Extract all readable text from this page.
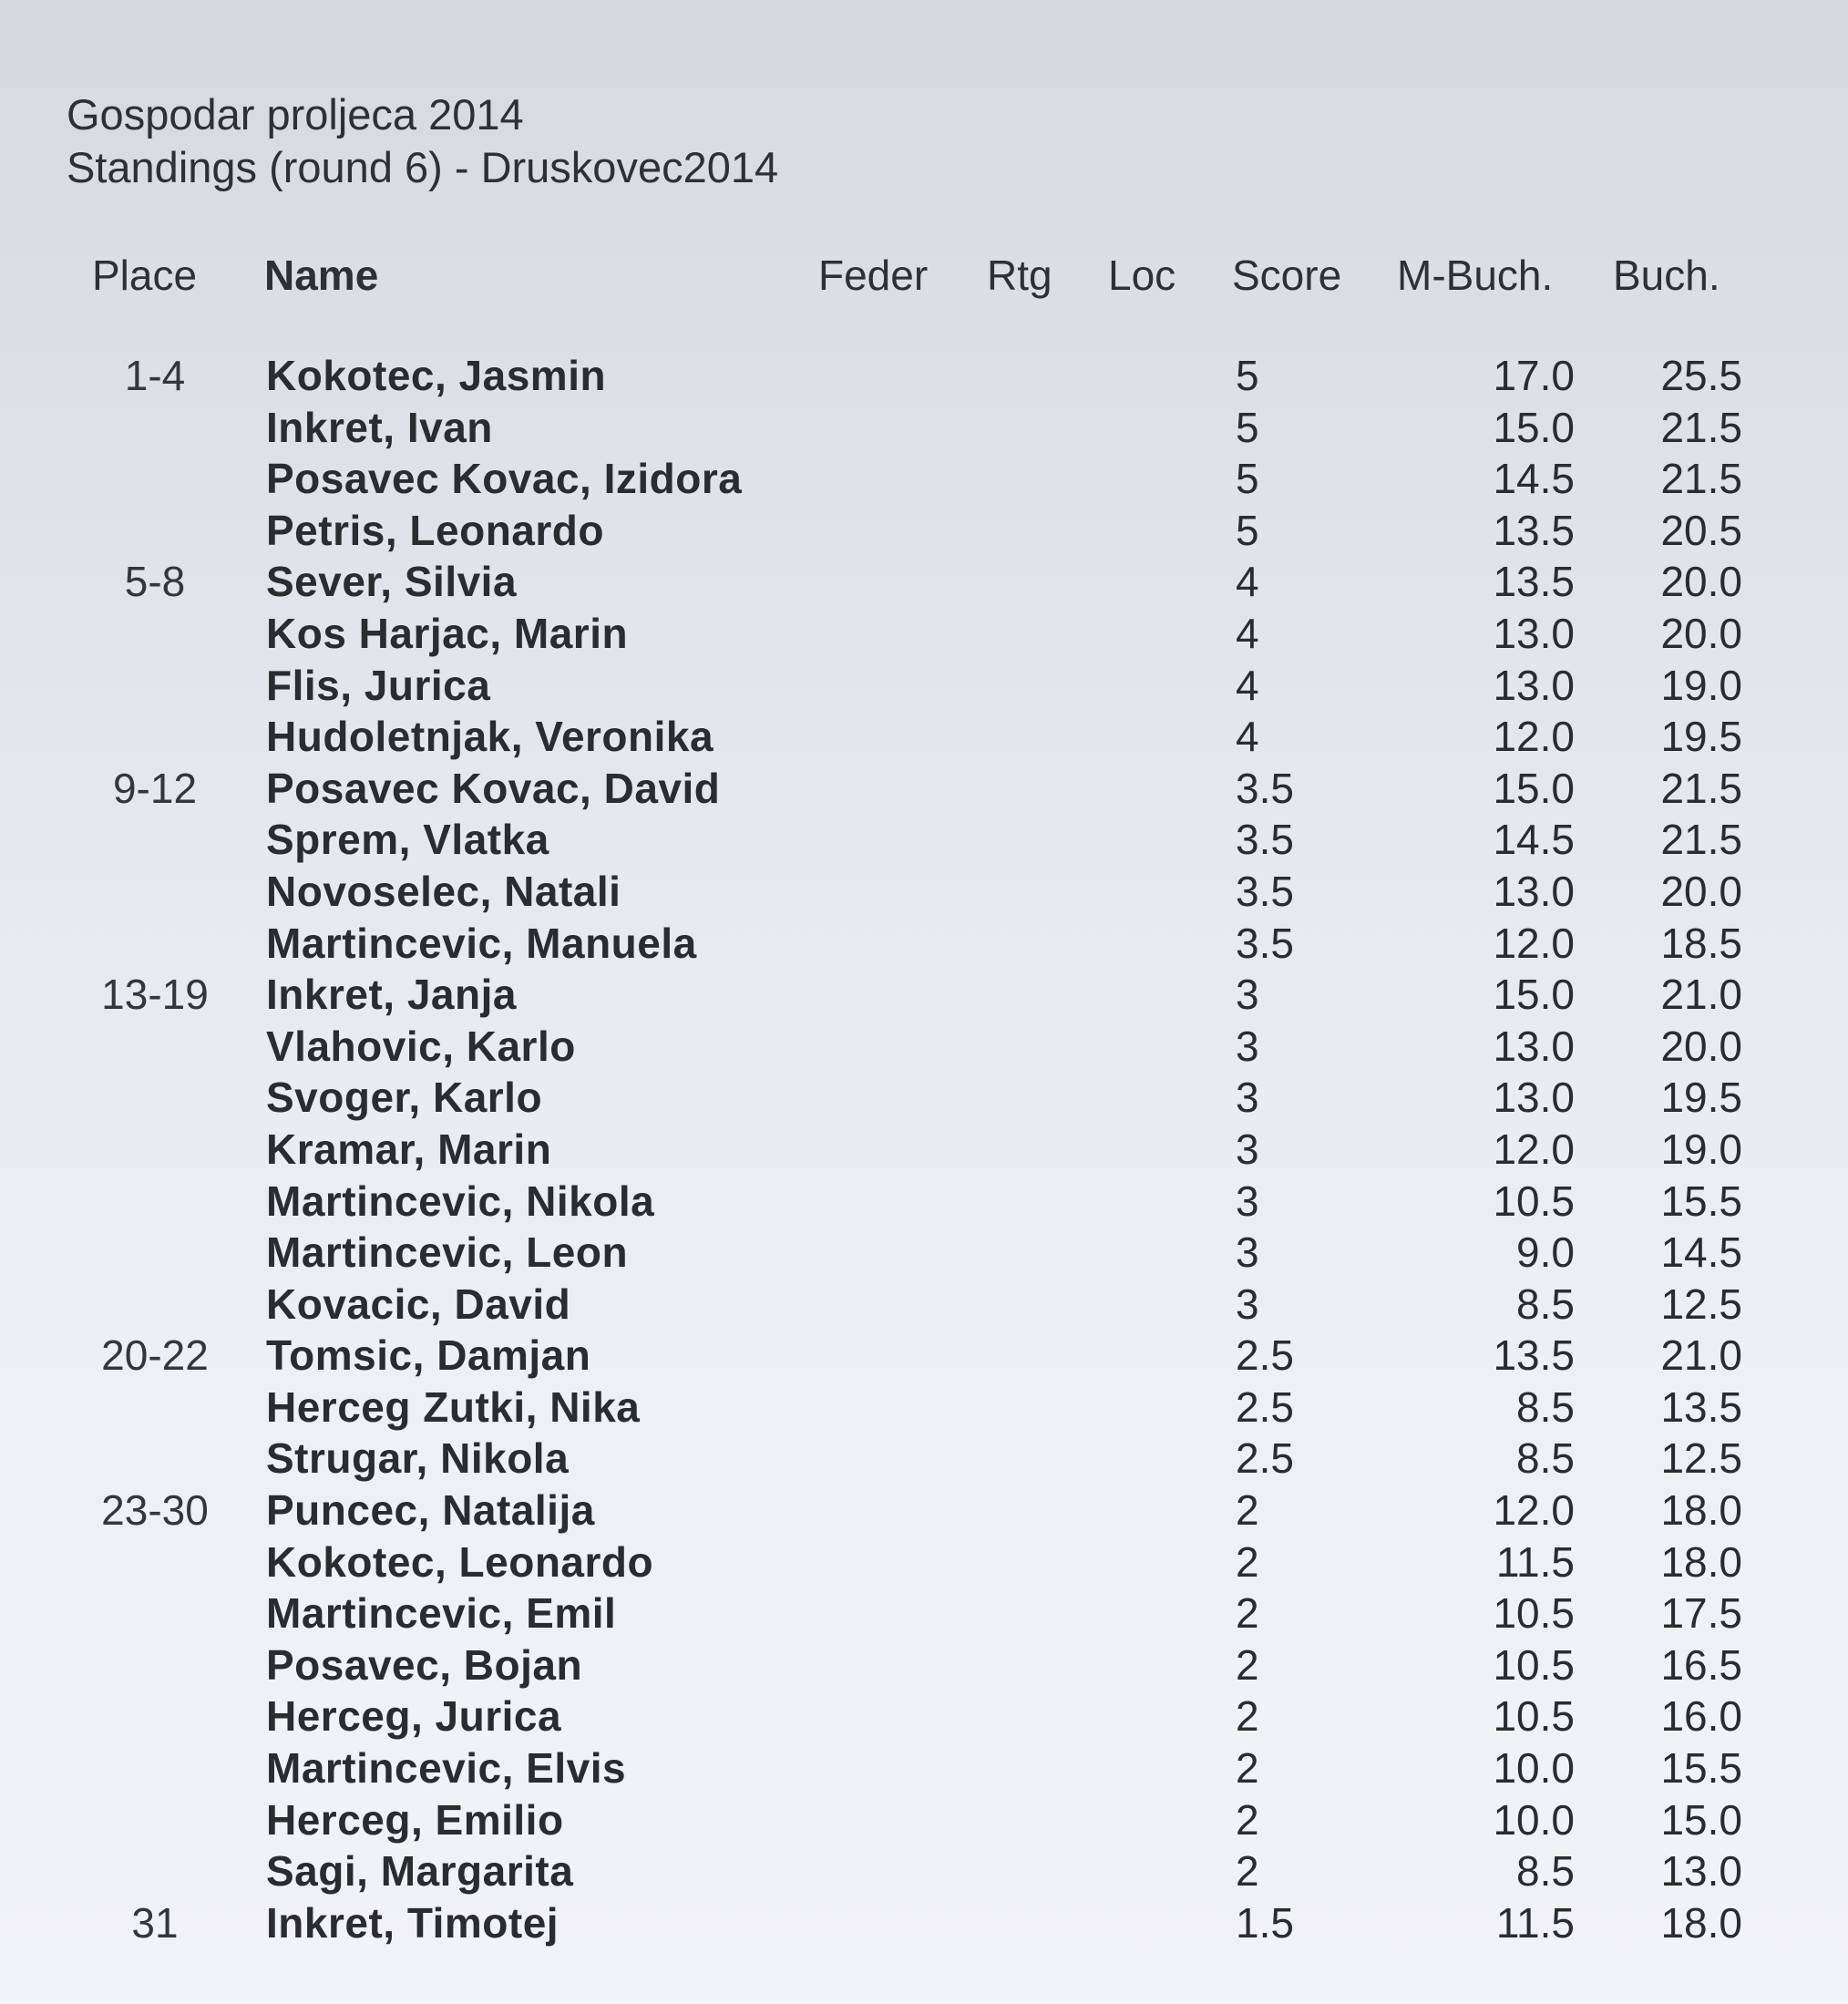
Gospodar proljeca 2014
Standings (round 6) - Druskovec2014
Place Name	Feder Rtg Loc Score M-Buch. Buch.
1-4	Kokotec, Jasmin	5	17.0	25.5
Inkret, Ivan	5	15.0	21.5
Posavec Kovac, Izidora	5	14.5	21.5
Petris, Leonardo	5	13.5	20.5
5-8	Sever, Silvia	4	13.5	20.0
Kos Harjac, Marin	4	13.0	20.0
Flis, Jurica	4	13.0	19.0
Hudoletnjak, Veronika	4	12.0	19.5
9-12	Posavec Kovac, David	3.5	15.0	21.5
Sprem, Vlatka	3.5	14.5	21.5
Novoselec, Natali	3.5	13.0	20.0
Martincevic, Manuela	3.5	12.0	18.5
13-19	Inkret, Janja	3	15.0	21.0
Vlahovic, Karlo	3	13.0	20.0
Svoger, Karlo	3	13.0	19.5
Kramar, Marin	3	12.0	19.0
Martincevic, Nikola	3	10.5	15.5
Martincevic, Leon	3	9.0	14.5
Kovacic, David	3	8.5	12.5
20-22	Tomsic, Damjan	2.5	13.5	21.0
Herceg Zutki, Nika	2.5	8.5	13.5
Strugar, Nikola	2.5	8.5	12.5
23-30	Puncec, Natalija	2	12.0	18.0
Kokotec, Leonardo	2	11.5	18.0
Martincevic, Emil	2	10.5	17.5
Posavec, Bojan	2	10.5	16.5
Herceg, Jurica	2	10.5	16.0
Martincevic, Elvis	2	10.0	15.5
Herceg, Emilio	2	10.0	15.0
Sagi, Margarita	2	8.5	13.0
31	Inkret, Timotej	1.5	11.5	18.0
